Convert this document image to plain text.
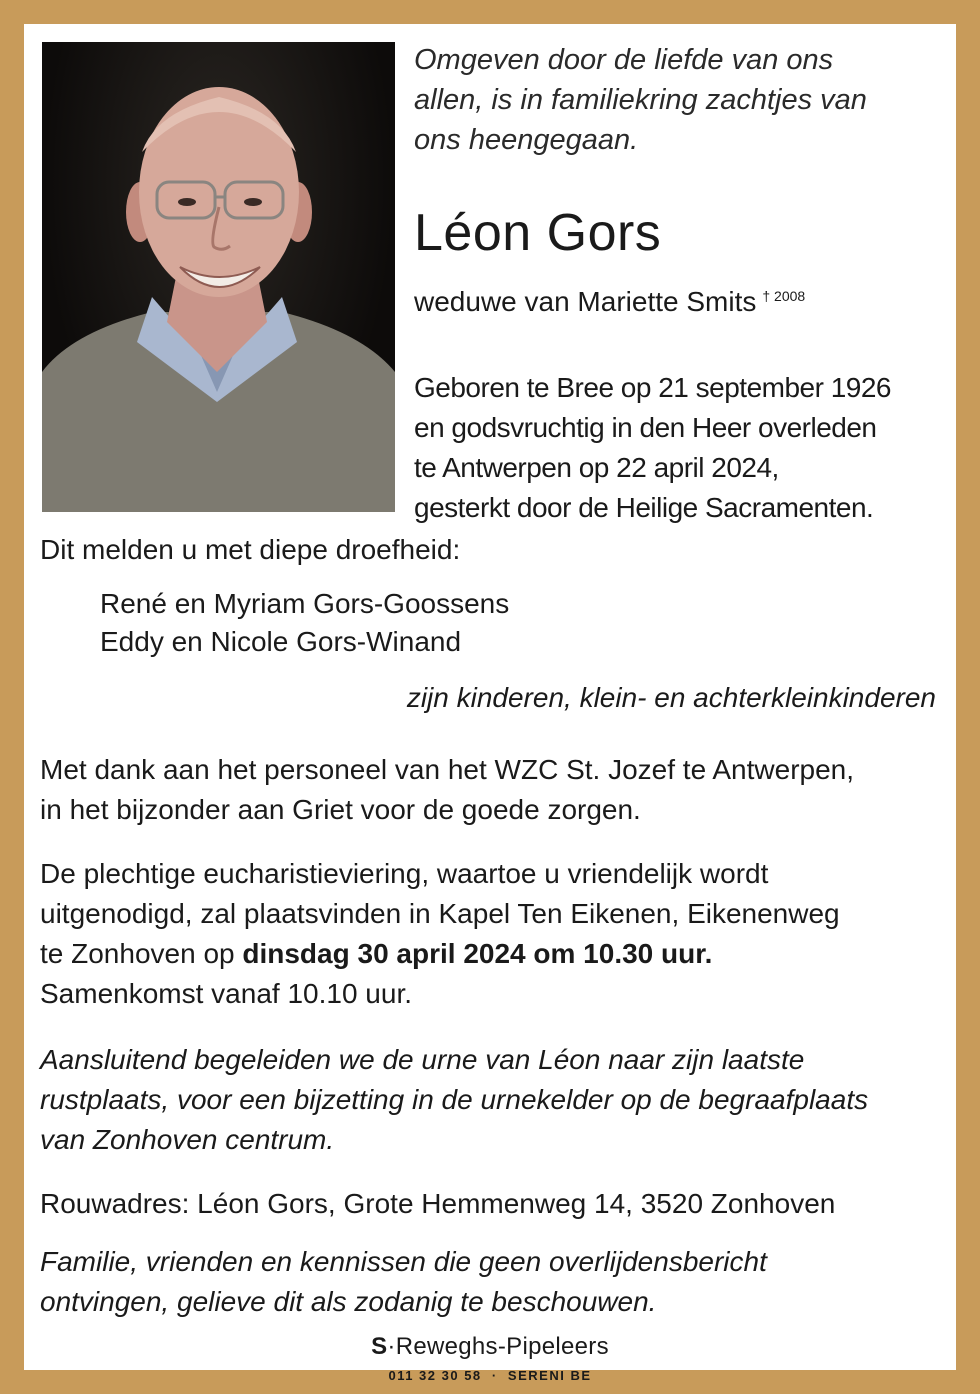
Omgeven door de liefde van ons
allen, is in familiekring zachtjes van
ons heengegaan.
Léon Gors
weduwe van Mariette Smits $^{\dagger 2008}$
Geboren te Bree op 21 september 1926
en godsvruchtig in den Heer overleden
te Antwerpen op 22 april 2024,
gesterkt door de Heilige Sacramenten.
Dit melden u met diepe droefheid:
René en Myriam Gors-Goossens
Eddy en Nicole Gors-Winand
zijn kinderen, klein- en achterkleinkinderen
Met dank aan het personeel van het WZC St. Jozef te Antwerpen,
in het bijzonder aan Griet voor de goede zorgen.
De plechtige eucharistieviering, waartoe u vriendelijk wordt
uitgenodigd, zal plaatsvinden in Kapel Ten Eikenen, Eikenenweg
te Zonhoven op dinsdag 30 april 2024 om 10.30 uur.
Samenkomst vanaf 10.10 uur.
Aansluitend begeleiden we de urne van Léon naar zijn laatste
rustplaats, voor een bijzetting in de urnekelder op de begraafplaats
van Zonhoven centrum.
Rouwadres: Léon Gors, Grote Hemmenweg 14, 3520 Zonhoven
Familie, vrienden en kennissen die geen overlijdensbericht
ontvingen, gelieve dit als zodanig te beschouwen.
S·Reweghs-Pipeleers
011 32 30 58  ·  SERENI BE
